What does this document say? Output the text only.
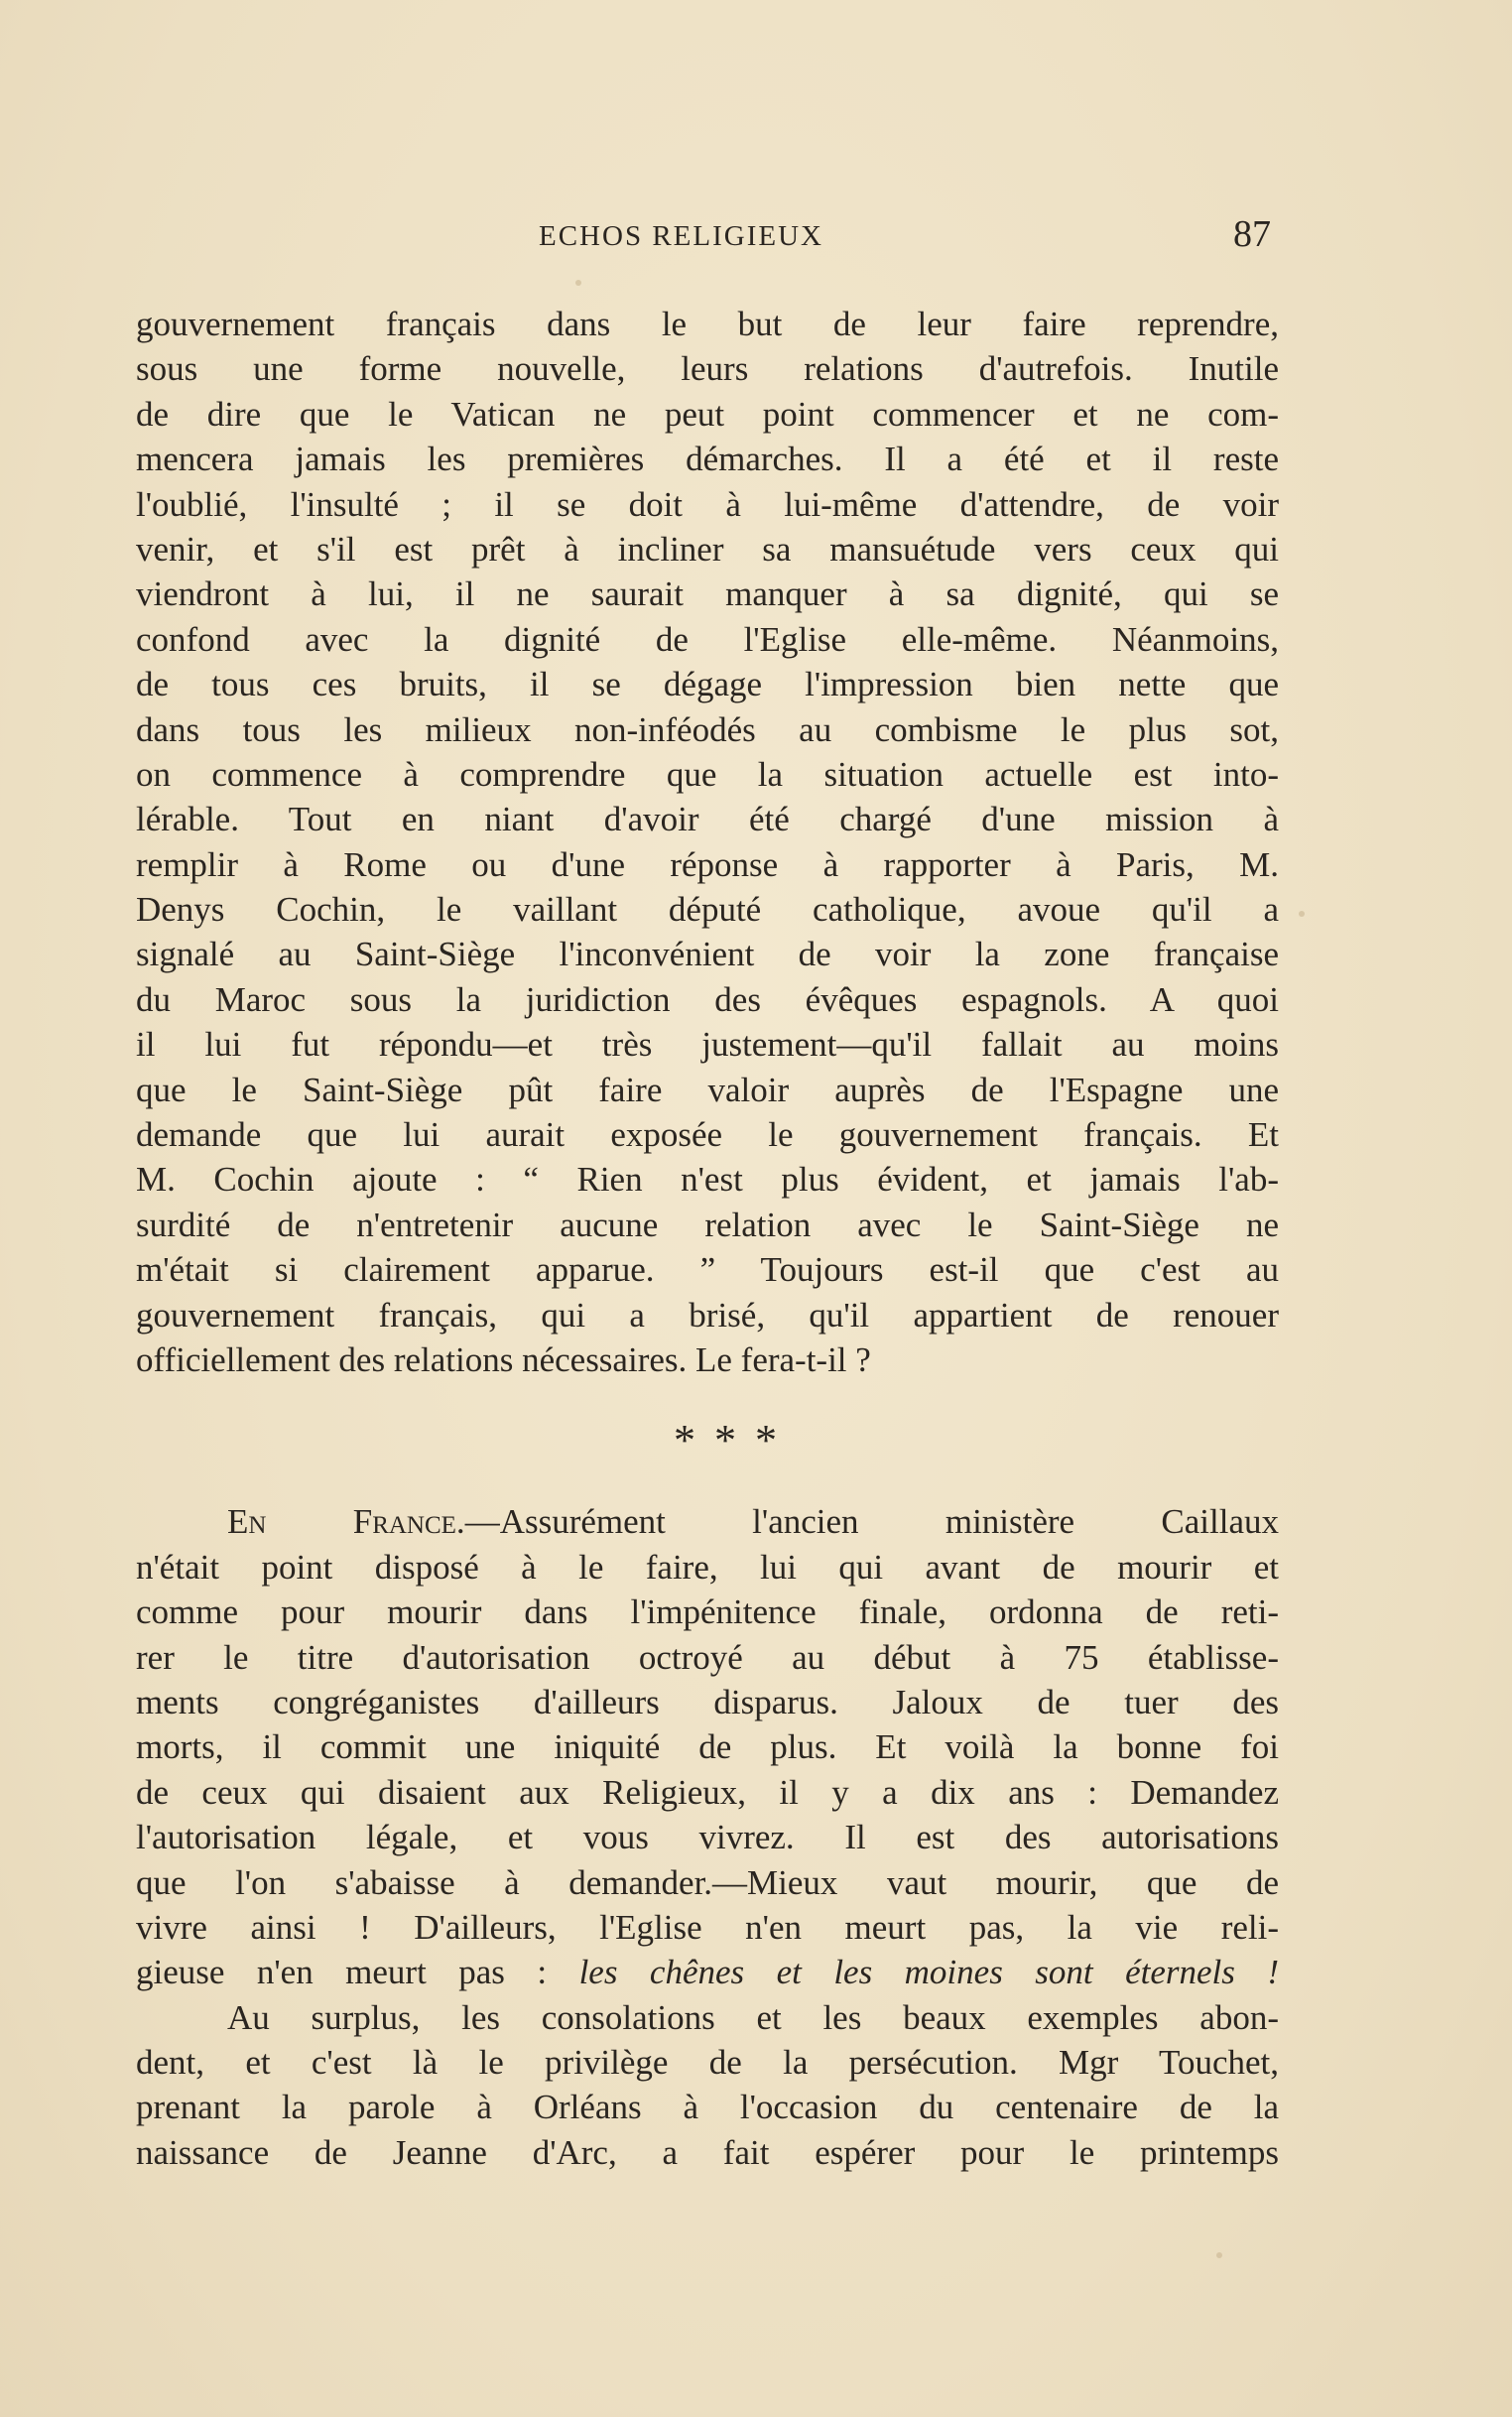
ECHOS RELIGIEUX	87
gouvernement français dans le but de leur faire reprendre,
sous une forme nouvelle, leurs relations d'autrefois. Inutile
de dire que le Vatican ne peut point commencer et ne com-
mencera jamais les premières démarches. Il a été et il reste
l'oublié, l'insulté ; il se doit à lui-même d'attendre, de voir
venir, et s'il est prêt à incliner sa mansuétude vers ceux qui
viendront à lui, il ne saurait manquer à sa dignité, qui se
confond avec la dignité de l'Eglise elle-même. Néanmoins,
de tous ces bruits, il se dégage l'impression bien nette que
dans tous les milieux non-inféodés au combisme le plus sot,
on commence à comprendre que la situation actuelle est into-
lérable. Tout en niant d'avoir été chargé d'une mission à
remplir à Rome ou d'une réponse à rapporter à Paris, M.
Denys Cochin, le vaillant député catholique, avoue qu'il a
signalé au Saint-Siège l'inconvénient de voir la zone française
du Maroc sous la juridiction des évêques espagnols. A quoi
il lui fut répondu—et très justement—qu'il fallait au moins
que le Saint-Siège pût faire valoir auprès de l'Espagne une
demande que lui aurait exposée le gouvernement français. Et
M. Cochin ajoute : “ Rien n'est plus évident, et jamais l'ab-
surdité de n'entretenir aucune relation avec le Saint-Siège ne
m'était si clairement apparue. ” Toujours est-il que c'est au
gouvernement français, qui a brisé, qu'il appartient de renouer
officiellement des relations nécessaires. Le fera-t-il ?
* * *
En France.—Assurément l'ancien ministère Caillaux
n'était point disposé à le faire, lui qui avant de mourir et
comme pour mourir dans l'impénitence finale, ordonna de reti-
rer le titre d'autorisation octroyé au début à 75 établisse-
ments congréganistes d'ailleurs disparus. Jaloux de tuer des
morts, il commit une iniquité de plus. Et voilà la bonne foi
de ceux qui disaient aux Religieux, il y a dix ans : Demandez
l'autorisation légale, et vous vivrez. Il est des autorisations
que l'on s'abaisse à demander.—Mieux vaut mourir, que de
vivre ainsi ! D'ailleurs, l'Eglise n'en meurt pas, la vie reli-
gieuse n'en meurt pas : les chênes et les moines sont éternels !
Au surplus, les consolations et les beaux exemples abon-
dent, et c'est là le privilège de la persécution. Mgr Touchet,
prenant la parole à Orléans à l'occasion du centenaire de la
naissance de Jeanne d'Arc, a fait espérer pour le printemps
